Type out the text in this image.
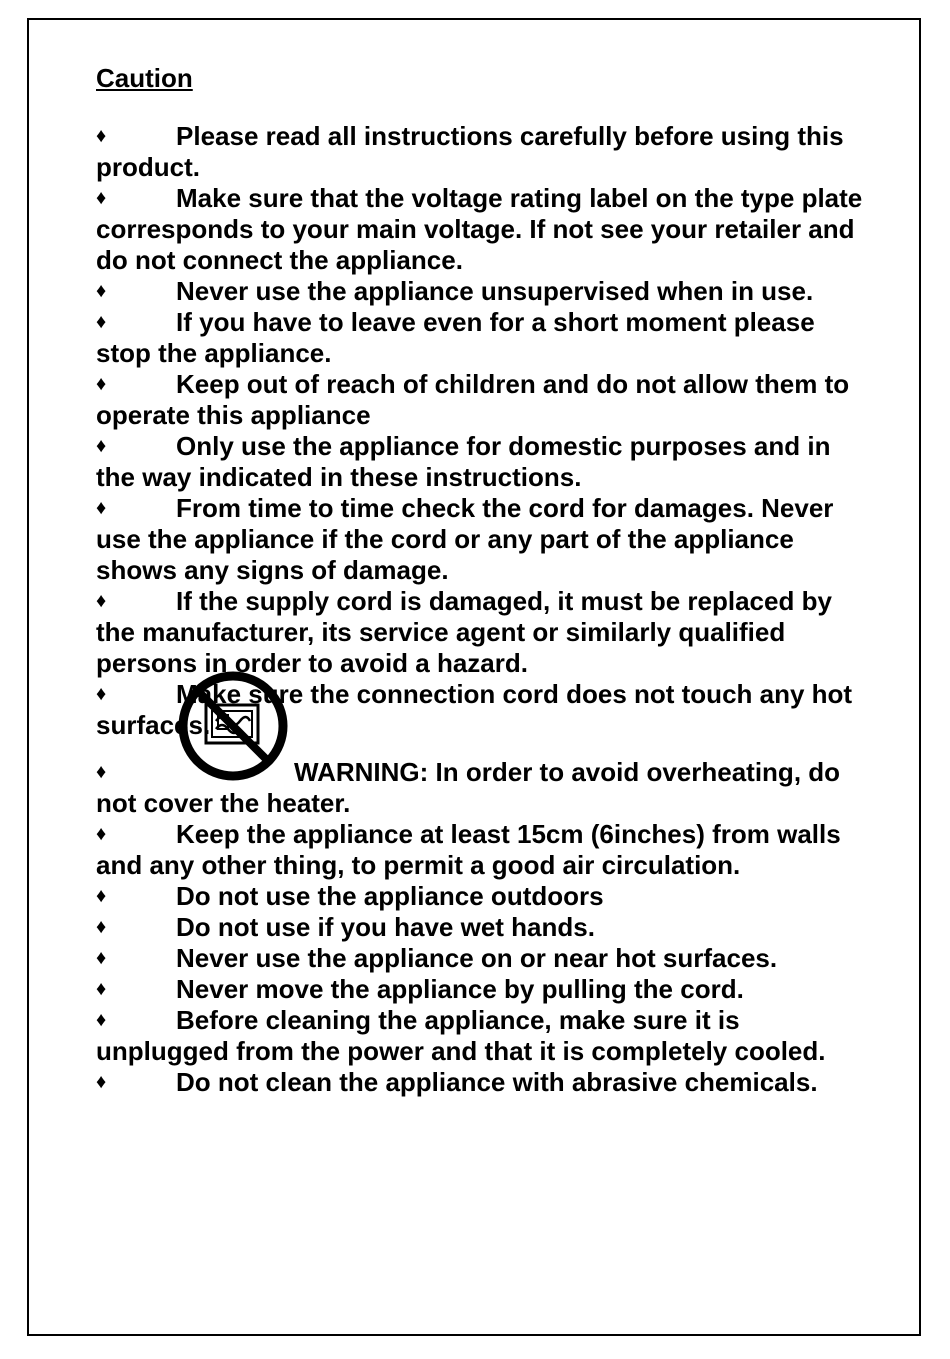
Caution
♦	Please read all instructions carefully before using this product.
♦	Make sure that the voltage rating label on the type plate corresponds to your main voltage. If not see your retailer and do not connect the appliance.
♦	Never use the appliance unsupervised when in use.
♦	If you have to leave even for a short moment please stop the appliance.
♦	Keep out of reach of children and do not allow them to operate this appliance
♦	Only use the appliance for domestic purposes and in the way indicated in these instructions.
♦	From time to time check the cord for damages. Never use the appliance if the cord or any part of the appliance shows any signs of damage.
♦	If the supply cord is damaged, it must be replaced by the manufacturer, its service agent or similarly qualified persons in order to avoid a hazard.
♦	Make sure the connection cord does not touch any hot surfaces.
♦	WARNING: In order to avoid overheating, do not cover the heater.
♦	Keep the appliance at least 15cm (6inches) from walls and any other thing, to permit a good air circulation.
♦	Do not use the appliance outdoors
♦	Do not use if you have wet hands.
♦	Never use the appliance on or near hot surfaces.
♦	Never move the appliance by pulling the cord.
♦	Before cleaning the appliance, make sure it is unplugged from the power and that it is completely cooled.
♦	Do not clean the appliance with abrasive chemicals.
